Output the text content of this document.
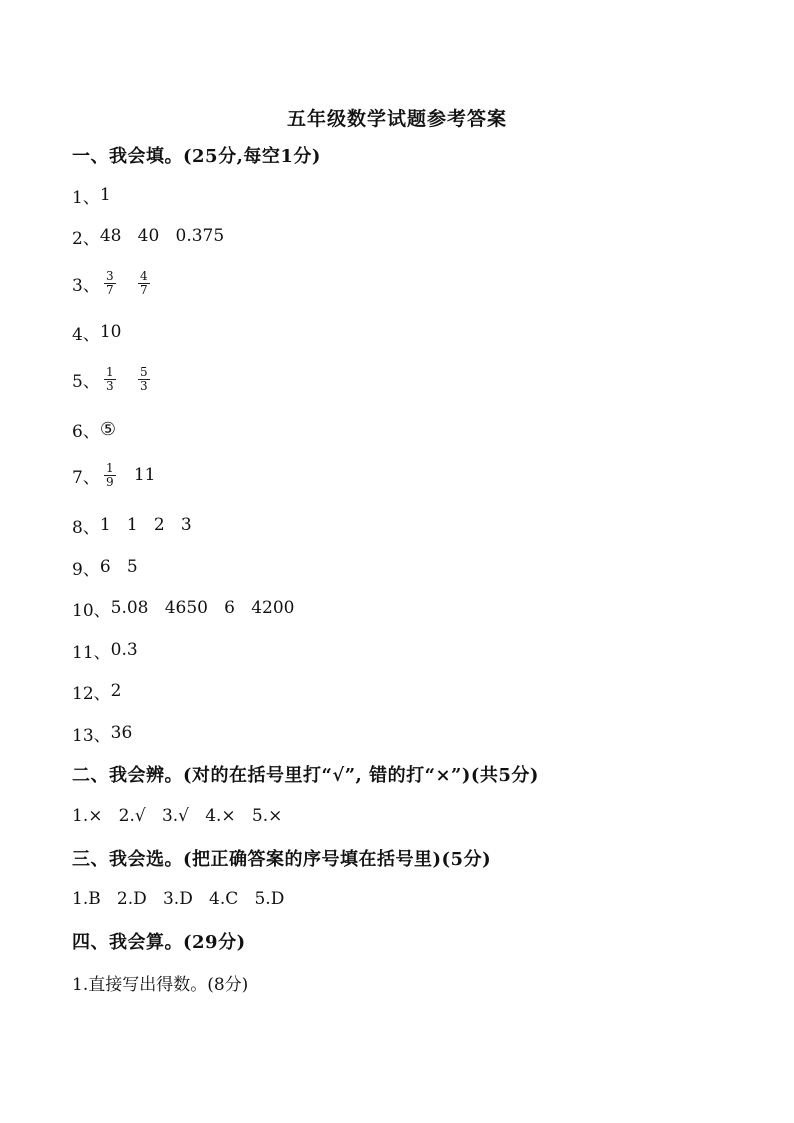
五年级数学试题参考答案
一、我会填。(25分,每空1分)
1、 1
2、 48   40   0.375
3、 $\frac{3}{7} \frac{4}{7}$
4、 10
5、 $\frac{1}{3} \frac{5}{3}$
6、 ⑤
7、 $\frac{1}{9} 11$
8、 1   1   2   3
9、 6   5
10、 5.08   4650   6   4200
11、 0.3
12、 2
13、 36
二、我会辨。(对的在括号里打“√”, 错的打“×”)(共5分)
1.×   2.√   3.√   4.×   5.×
三、我会选。(把正确答案的序号填在括号里)(5分)
1.B   2.D   3.D   4.C   5.D
四、我会算。(29分)
1.直接写出得数。(8分)
